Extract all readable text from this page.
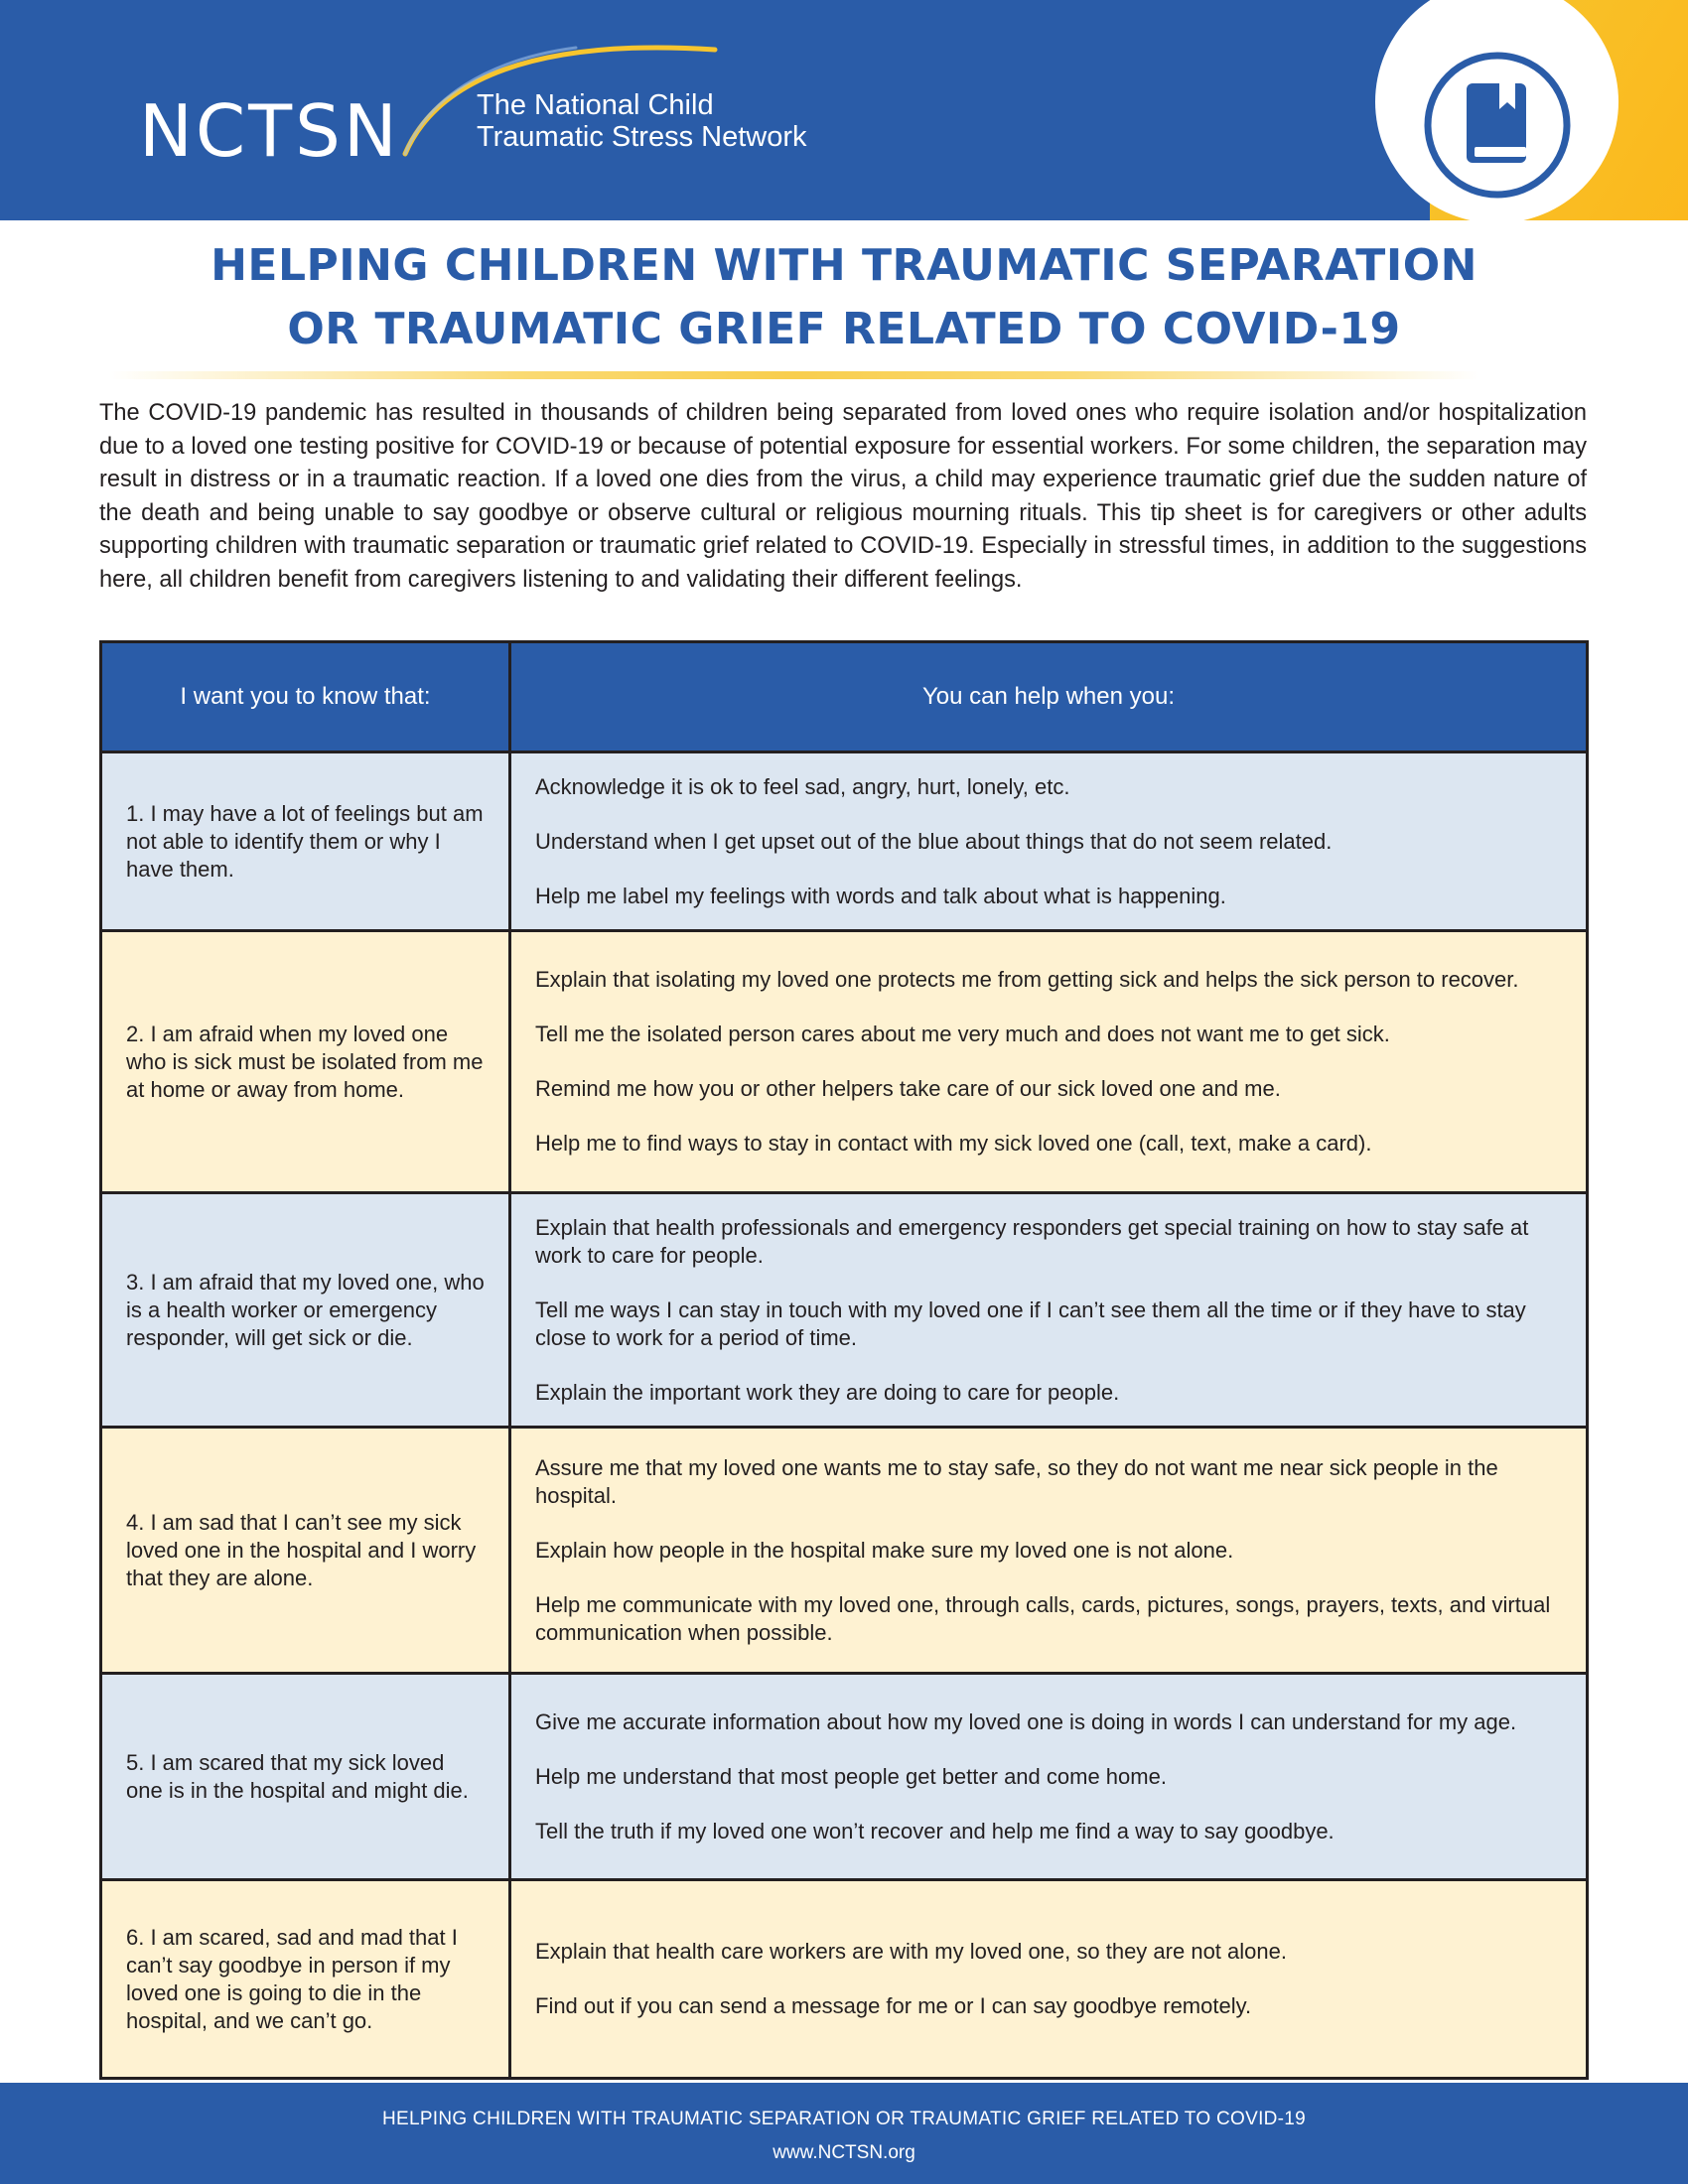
NCTSN	The National Child
Traumatic Stress Network
HELPING CHILDREN WITH TRAUMATIC SEPARATION
OR TRAUMATIC GRIEF RELATED TO COVID-19
The COVID-19 pandemic has resulted in thousands of children being separated from loved ones who require isolation and/or hospitalization due to a loved one testing positive for COVID-19 or because of potential exposure for essential workers. For some children, the separation may result in distress or in a traumatic reaction. If a loved one dies from the virus, a child may experience traumatic grief due the sudden nature of the death and being unable to say goodbye or observe cultural or religious mourning rituals. This tip sheet is for caregivers or other adults supporting children with traumatic separation or traumatic grief related to COVID-19. Especially in stressful times, in addition to the suggestions here, all children benefit from caregivers listening to and validating their different feelings.
I want you to know that:	You can help when you:
1. I may have a lot of feelings but am not able to identify them or why I have them.	Acknowledge it is ok to feel sad, angry, hurt, lonely, etc.

Understand when I get upset out of the blue about things that do not seem related.

Help me label my feelings with words and talk about what is happening.

2. I am afraid when my loved one who is sick must be isolated from me at home or away from home.	Explain that isolating my loved one protects me from getting sick and helps the sick person to recover.

Tell me the isolated person cares about me very much and does not want me to get sick.

Remind me how you or other helpers take care of our sick loved one and me.

Help me to find ways to stay in contact with my sick loved one (call, text, make a card).

3. I am afraid that my loved one, who is a health worker or emergency responder, will get sick or die.	Explain that health professionals and emergency responders get special training on how to stay safe at work to care for people.

Tell me ways I can stay in touch with my loved one if I can’t see them all the time or if they have to stay close to work for a period of time.

Explain the important work they are doing to care for people.

4. I am sad that I can’t see my sick loved one in the hospital and I worry that they are alone.	Assure me that my loved one wants me to stay safe, so they do not want me near sick people in the hospital.

Explain how people in the hospital make sure my loved one is not alone.

Help me communicate with my loved one, through calls, cards, pictures, songs, prayers, texts, and virtual communication when possible.

5. I am scared that my sick loved one is in the hospital and might die.	Give me accurate information about how my loved one is doing in words I can understand for my age.

Help me understand that most people get better and come home.

Tell the truth if my loved one won’t recover and help me find a way to say goodbye.

6. I am scared, sad and mad that I can’t say goodbye in person if my loved one is going to die in the hospital, and we can’t go.	Explain that health care workers are with my loved one, so they are not alone.

Find out if you can send a message for me or I can say goodbye remotely.

HELPING CHILDREN WITH TRAUMATIC SEPARATION OR TRAUMATIC GRIEF RELATED TO COVID-19
www.NCTSN.org
